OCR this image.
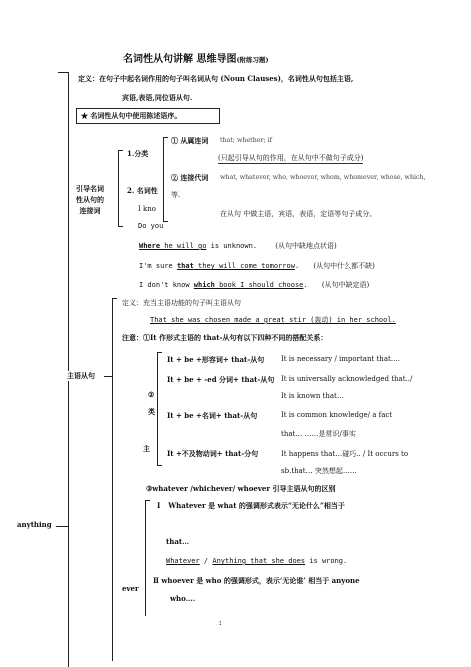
名词性从句讲解 思维导图(附练习题)
anything
定义：在句子中起名词作用的句子叫名词从句 (Noun Clauses)，名词性从句包括主语,
宾语,表语,同位语从句.
★ 名词性从句中使用陈述语序。
引导名词
性从句的
连接词
1.分类
2. 名词性
I kno
Do you
① 从属连词 that; whether; if
(只起引导从句的作用，在从句中不做句子成分)
② 连接代词 what, whatever, who, whoever, whom, whomever, whose, which,
等.
在从句 中做主语，宾语，表语，定语等句子成分。
Where he will go is unknown.	(从句中缺地点状语)
I'm sure that they will come tomorrow. (从句中什么都不缺)
I don't know which book I should choose. (从句中缺定语)
主语从句
定义：充当主语功能的句子叫主语从句
That she was chosen made a great stir (轰动) in her school.
注意：①It 作形式主语的 that-从句有以下四种不同的搭配关系：
②
类
主
It + be +形容词+ that-从句 It is necessary / important that….
It + be + -ed 分词+ that-从句 It is universally acknowledged that../
It is known that…
It + be +名词+ that-从句	It is common knowledge/ a fact
that… ……是常识/事实
It +不及物动词+ that-分句	It happens that…碰巧.. / It occurs to
sb.that… 突然想起……
③whatever /whichever/ whoever 引导主语从句的区别
ever
I Whatever 是 what 的强调形式表示“无论什么”相当于
that…
Whatever / Anything that she does is wrong.
Ⅱ whoever 是 who 的强调形式，表示‘无论谁’ 相当于 anyone
who….
:
